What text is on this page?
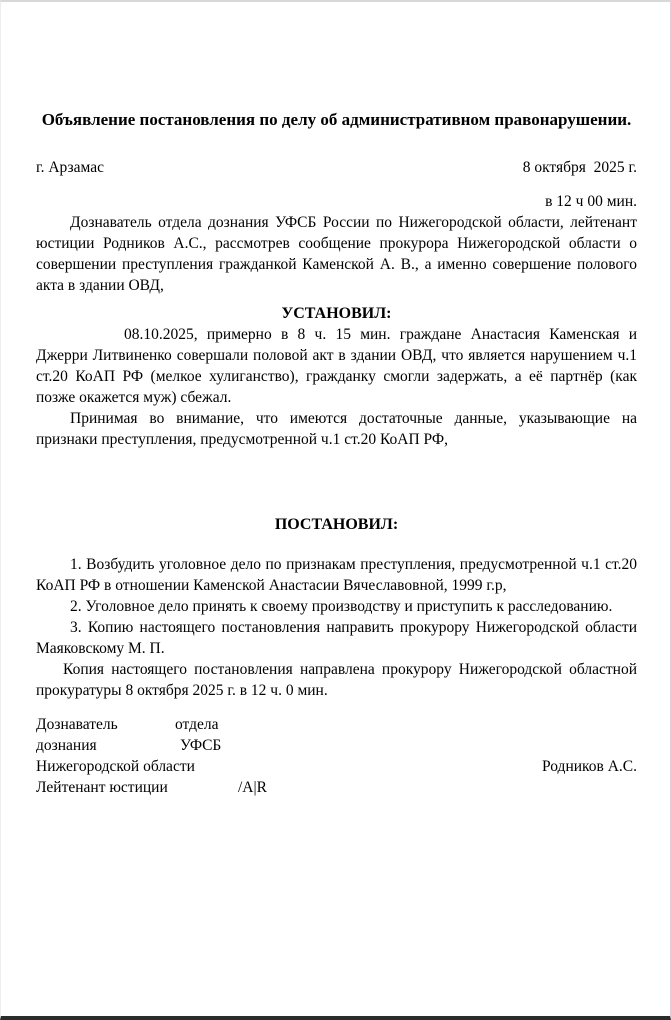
Объявление постановления по делу об административном правонарушении.
г. Арзамас	8 октября  2025 г.
в 12 ч 00 мин.

Дознаватель отдела дознания УФСБ России по Нижегородской области, лейтенант юстиции Родников А.С., рассмотрев сообщение прокурора Нижегородской области о совершении преступления гражданкой Каменской А. В., а именно совершение полового акта в здании ОВД,

УСТАНОВИЛ:

08.10.2025, примерно в 8 ч. 15 мин. граждане Анастасия Каменская и Джерри Литвиненко совершали половой акт в здании ОВД, что является нарушением ч.1 ст.20 КоАП РФ (мелкое хулиганство), гражданку смогли задержать, а её партнёр (как позже окажется муж) сбежал.

Принимая во внимание, что имеются достаточные данные, указывающие на признаки преступления, предусмотренной ч.1 ст.20 КоАП РФ,

ПОСТАНОВИЛ:

1. Возбудить уголовное дело по признакам преступления, предусмотренной ч.1 ст.20 КоАП РФ в отношении Каменской Анастасии Вячеславовной, 1999 г.р,

2. Уголовное дело принять к своему производству и приступить к расследованию.

3. Копию настоящего постановления направить прокурору Нижегородской области Маяковскому М. П.

Копия настоящего постановления направлена прокурору Нижегородской областной прокуратуры 8 октября 2025 г. в 12 ч. 0 мин.

Дознаватель	отдела
дознания	УФСБ
Нижегородской области	Родников А.С.
Лейтенант юстиции	/A|R
